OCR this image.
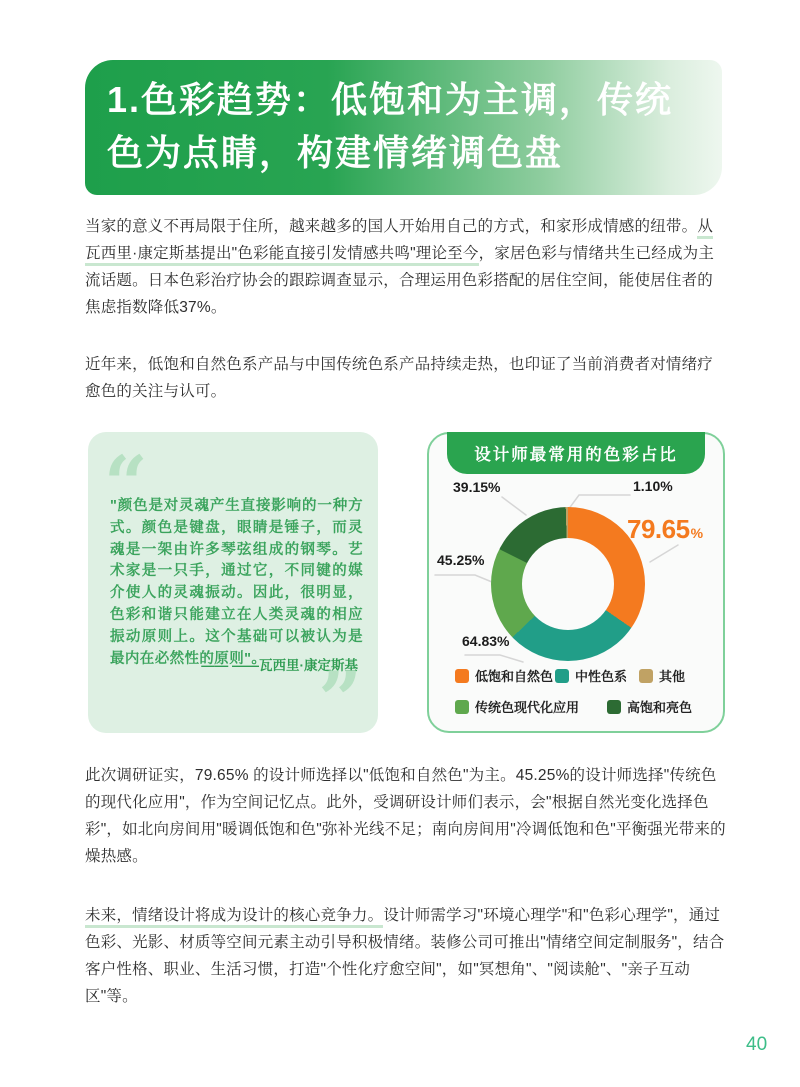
1.色彩趋势：低饱和为主调，传统色为点睛，构建情绪调色盘

当家的意义不再局限于住所，越来越多的国人开始用自己的方式，和家形成情感的纽带。从瓦西里·康定斯基提出"色彩能直接引发情感共鸣"理论至今，家居色彩与情绪共生已经成为主流话题。日本色彩治疗协会的跟踪调查显示，合理运用色彩搭配的居住空间，能使居住者的焦虑指数降低37%。

近年来，低饱和自然色系产品与中国传统色系产品持续走热，也印证了当前消费者对情绪疗愈色的关注与认可。

“
"颜色是对灵魂产生直接影响的一种方式。颜色是键盘，眼睛是锤子，而灵魂是一架由许多琴弦组成的钢琴。艺术家是一只手，通过它，不同键的媒介使人的灵魂振动。因此，很明显，色彩和谐只能建立在人类灵魂的相应振动原则上。这个基础可以被认为是最内在必然性的原则"。
—— ——瓦西里·康定斯基
”
设计师最常用的色彩占比
39.15%	1.10%
79.65%
45.25%
64.83%
低饱和自然色 中性色系 其他
传统色现代化应用	高饱和亮色

此次调研证实，79.65% 的设计师选择以"低饱和自然色"为主。45.25%的设计师选择"传统色的现代化应用"，作为空间记忆点。此外，受调研设计师们表示，会"根据自然光变化选择色彩"，如北向房间用"暖调低饱和色"弥补光线不足；南向房间用"冷调低饱和色"平衡强光带来的燥热感。

未来，情绪设计将成为设计的核心竞争力。设计师需学习"环境心理学"和"色彩心理学"，通过色彩、光影、材质等空间元素主动引导积极情绪。装修公司可推出"情绪空间定制服务"，结合客户性格、职业、生活习惯，打造"个性化疗愈空间"，如"冥想角"、"阅读舱"、"亲子互动区"等。

40
